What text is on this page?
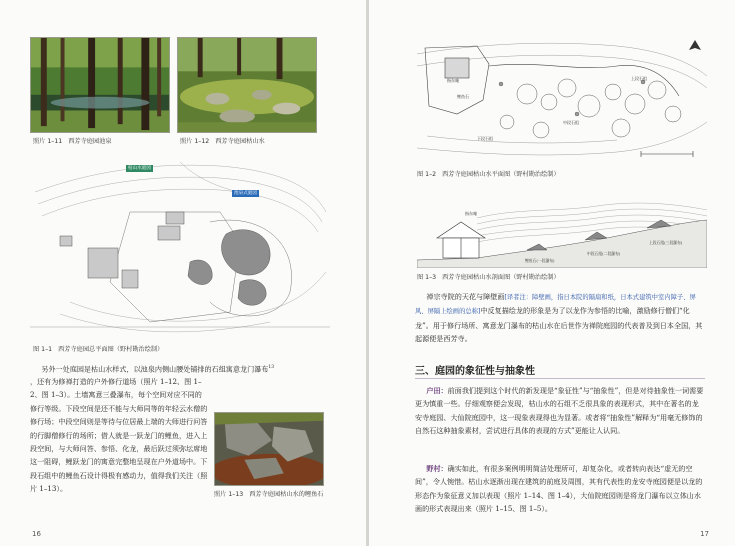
照片 1–11 西芳寺庭园池泉	照片 1–12 西芳寺庭园枯山水
枯山水庭园
池泉式庭园
图 1–1 西芳寺庭园总平面图（野村勘治绘制）

另外一处庭园是枯山水样式，以池泉内侧山腰处铺排的石组寓意龙门瀑布$^{13}$

，还有为修禅打造的户外修行道场（照片 1–12、图 1–2、图 1–3）。土墙寓意三叠瀑布，每个空间对应不同的修行等级。下段空间是还不能与大师同等的年轻云水僧的修行场；中段空间则是等待与位居最上端的大师进行问答的行脚僧修行的场所；借人就是一跃龙门的鲤鱼，进入上段空间，与大师问答、参悟、化龙，最后跃过须弥坛席地这一阻碍，鲤跃龙门的寓意完整地呈现在户外道场中。下段石组中的鲤鱼石设计得极有感动力，值得我们关注（照片 1–13）。

照片 1–13 西芳寺庭园枯山水的鲤鱼石
16
指东庵
鲤鱼石
中段石组
上段石组
下段石组
图 1–2 西芳寺庭园枯山水平面图（野村勘治绘制）
指东庵
鲤鱼石(一段瀑布)
中段石组(二段瀑布)
上段石组(三段瀑布)
图 1–3 西芳寺庭园枯山水剖面图（野村勘治绘制）

禅宗寺院的天花与障壁画[译者注：障壁画，指日本院的隔扇和纸，日本式建筑中室内障子、屏风、屏隔上绘画的总称]中反复描绘龙的形象是为了以龙作为参悟的比喻，激励修行僧们“化龙”。用于修行场所、寓意龙门瀑布的枯山水在后世作为禅院庭园的代表普及到日本全国，其起源便是西芳寺。

三、庭园的象征性与抽象性

户田：前面我们提到这个时代的新发现是“象征性”与“抽象性”，但是对待抽象性一词需要更为慎重一些。仔细观察便会发现，枯山水的石组不乏很具象的表现形式，其中在著名的龙安寺庭园、大仙院庭园中，这一现象表现得也为显著。或者将“抽象性”解释为“用毫无修饰的自然石这种抽象素材，尝试进行具体的表现的方式”更能让人认同。

野村：确实如此，有很多案例明明简洁处理所可，却复杂化，或者转向表达“虚无的空间”，令人惋惜。枯山水逐渐出现在建筑的前庭及周围，其有代表性的龙安寺庭园便是以龙的形态作为象征意义加以表现（照片 1–14、图 1–4），大仙院庭园则是将龙门瀑布以立体山水画的形式表现出来（照片 1–15、图 1–5）。

17
